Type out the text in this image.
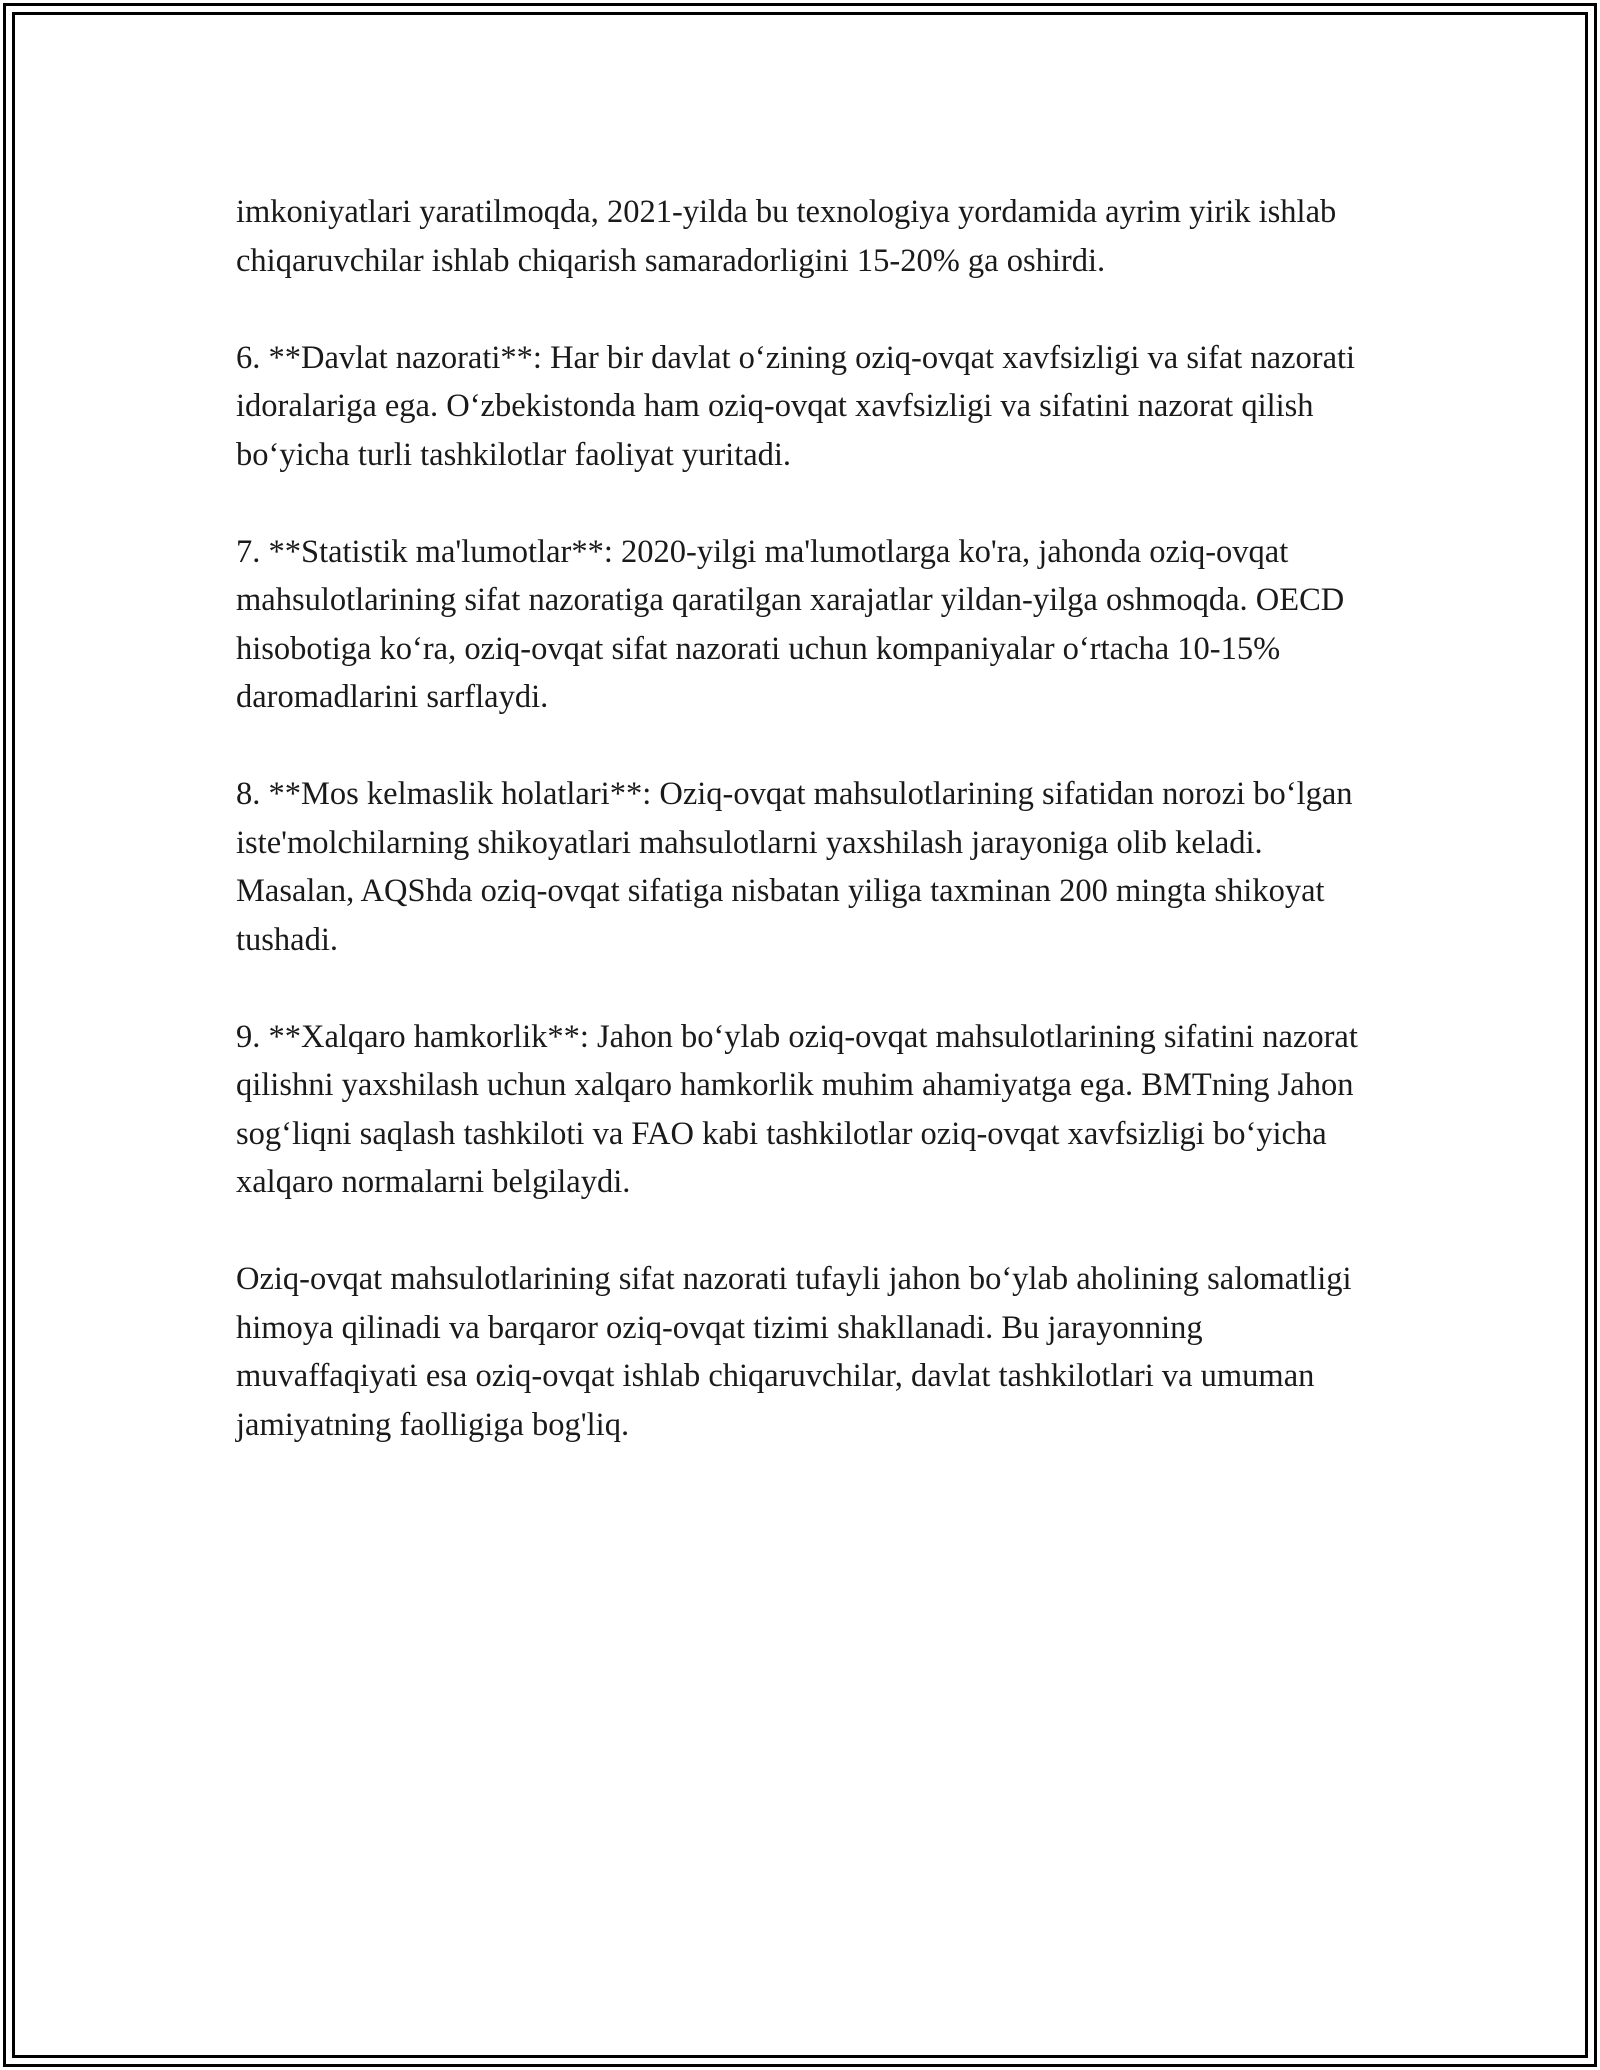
imkoniyatlari yaratilmoqda, 2021-yilda bu texnologiya yordamida ayrim yirik ishlab chiqaruvchilar ishlab chiqarish samaradorligini 15-20% ga oshirdi.

6. **Davlat nazorati**: Har bir davlat o‘zining oziq-ovqat xavfsizligi va sifat nazorati idoralariga ega. O‘zbekistonda ham oziq-ovqat xavfsizligi va sifatini nazorat qilish bo‘yicha turli tashkilotlar faoliyat yuritadi.

7. **Statistik ma'lumotlar**: 2020-yilgi ma'lumotlarga ko'ra, jahonda oziq-ovqat mahsulotlarining sifat nazoratiga qaratilgan xarajatlar yildan-yilga oshmoqda. OECD hisobotiga ko‘ra, oziq-ovqat sifat nazorati uchun kompaniyalar o‘rtacha 10-15% daromadlarini sarflaydi.

8. **Mos kelmaslik holatlari**: Oziq-ovqat mahsulotlarining sifatidan norozi bo‘lgan iste'molchilarning shikoyatlari mahsulotlarni yaxshilash jarayoniga olib keladi. Masalan, AQShda oziq-ovqat sifatiga nisbatan yiliga taxminan 200 mingta shikoyat tushadi.

9. **Xalqaro hamkorlik**: Jahon bo‘ylab oziq-ovqat mahsulotlarining sifatini nazorat qilishni yaxshilash uchun xalqaro hamkorlik muhim ahamiyatga ega. BMTning Jahon sog‘liqni saqlash tashkiloti va FAO kabi tashkilotlar oziq-ovqat xavfsizligi bo‘yicha xalqaro normalarni belgilaydi.

Oziq-ovqat mahsulotlarining sifat nazorati tufayli jahon bo‘ylab aholining salomatligi himoya qilinadi va barqaror oziq-ovqat tizimi shakllanadi. Bu jarayonning muvaffaqiyati esa oziq-ovqat ishlab chiqaruvchilar, davlat tashkilotlari va umuman jamiyatning faolligiga bog'liq.
